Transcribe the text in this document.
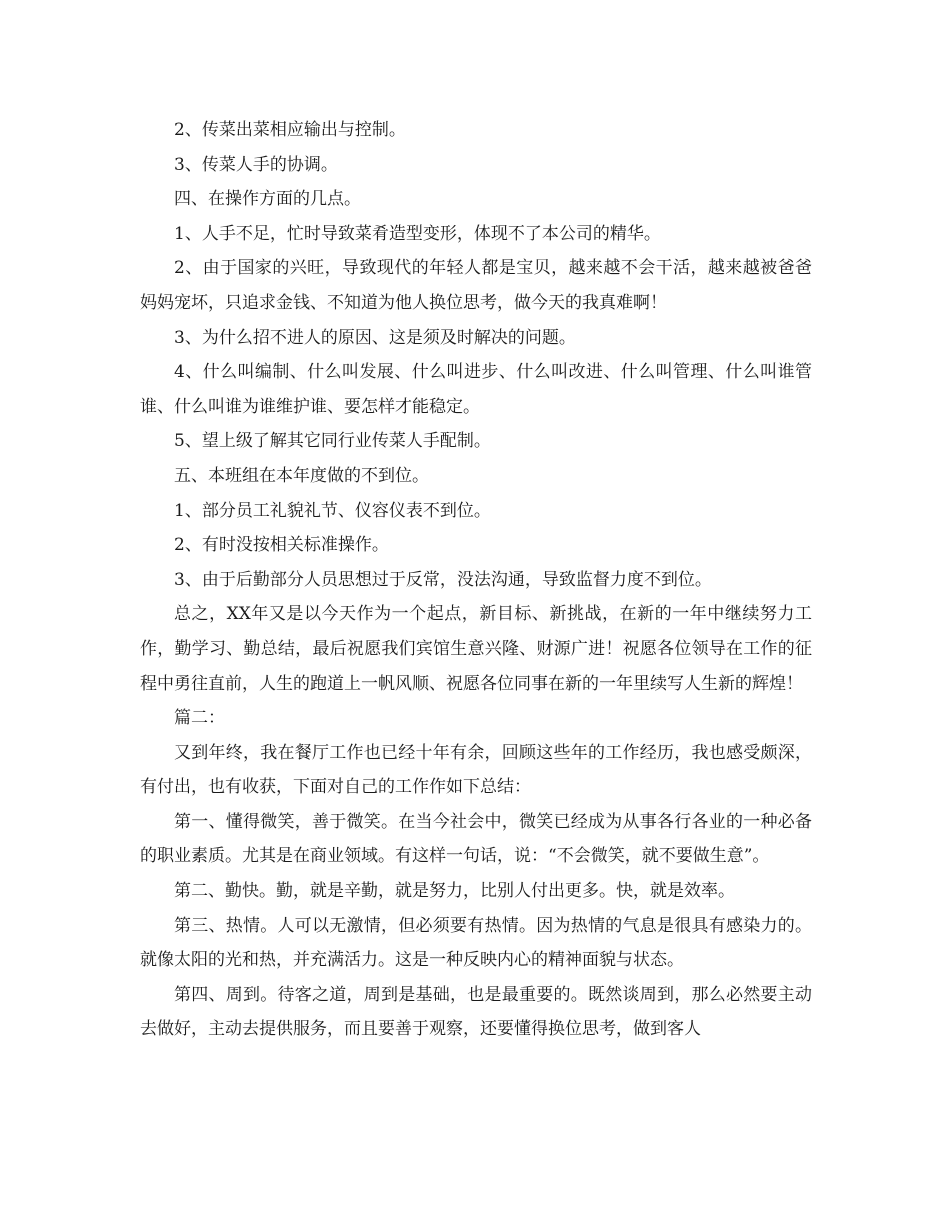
2、传菜出菜相应输出与控制。

3、传菜人手的协调。

四、在操作方面的几点。

1、人手不足，忙时导致菜肴造型变形，体现不了本公司的精华。

2、由于国家的兴旺，导致现代的年轻人都是宝贝，越来越不会干活，越来越被爸爸妈妈宠坏，只追求金钱、不知道为他人换位思考，做今天的我真难啊！

3、为什么招不进人的原因、这是须及时解决的问题。

4、什么叫编制、什么叫发展、什么叫进步、什么叫改进、什么叫管理、什么叫谁管谁、什么叫谁为谁维护谁、要怎样才能稳定。

5、望上级了解其它同行业传菜人手配制。

五、本班组在本年度做的不到位。

1、部分员工礼貌礼节、仪容仪表不到位。

2、有时没按相关标准操作。

3、由于后勤部分人员思想过于反常，没法沟通，导致监督力度不到位。

总之，XX年又是以今天作为一个起点，新目标、新挑战，在新的一年中继续努力工作，勤学习、勤总结，最后祝愿我们宾馆生意兴隆、财源广进！祝愿各位领导在工作的征程中勇往直前，人生的跑道上一帆风顺、祝愿各位同事在新的一年里续写人生新的辉煌！

篇二：

又到年终，我在餐厅工作也已经十年有余，回顾这些年的工作经历，我也感受颇深，有付出，也有收获，下面对自己的工作作如下总结：

第一、懂得微笑，善于微笑。在当今社会中，微笑已经成为从事各行各业的一种必备的职业素质。尤其是在商业领域。有这样一句话，说：“不会微笑，就不要做生意”。

第二、勤快。勤，就是辛勤，就是努力，比别人付出更多。快，就是效率。

第三、热情。人可以无激情，但必须要有热情。因为热情的气息是很具有感染力的。就像太阳的光和热，并充满活力。这是一种反映内心的精神面貌与状态。

第四、周到。待客之道，周到是基础，也是最重要的。既然谈周到，那么必然要主动去做好，主动去提供服务，而且要善于观察，还要懂得换位思考，做到客人
